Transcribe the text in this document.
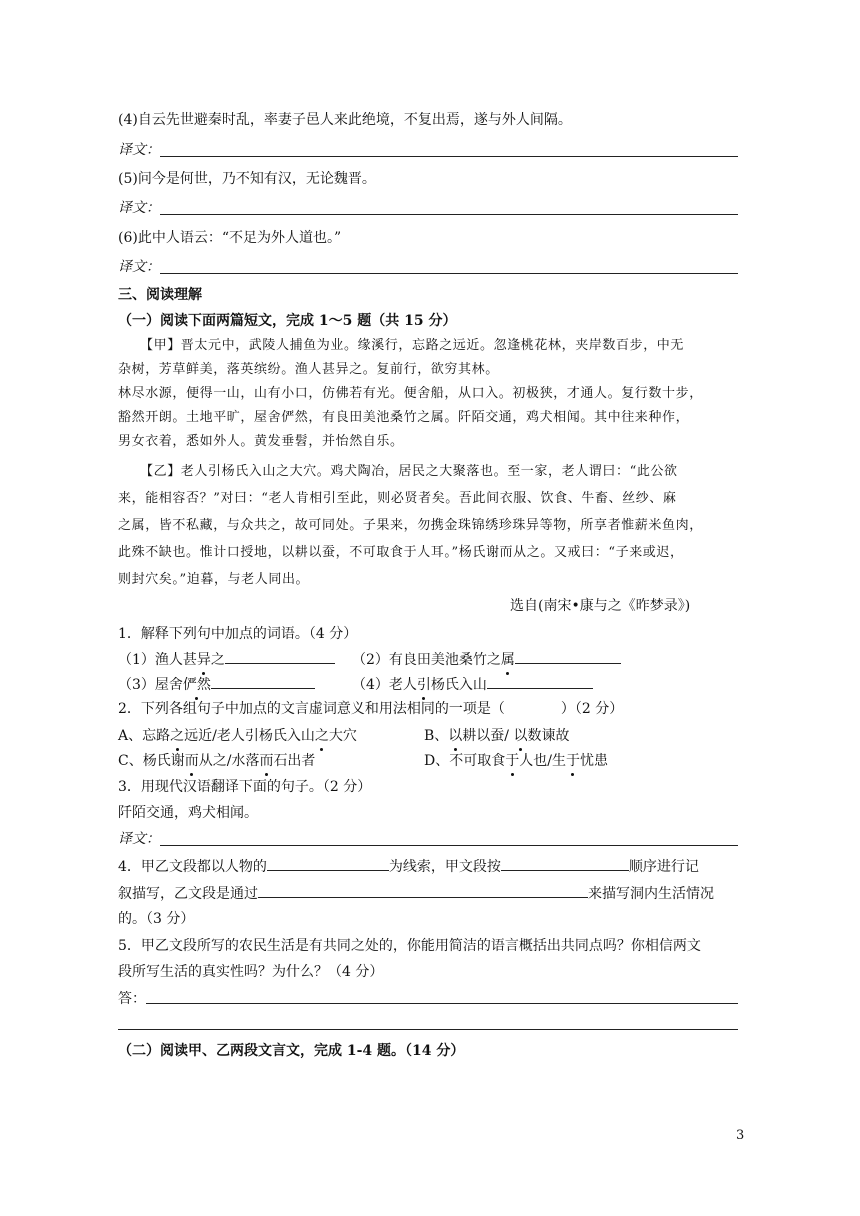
(4)自云先世避秦时乱，率妻子邑人来此绝境，不复出焉，遂与外人间隔。
译文：
(5)问今是何世，乃不知有汉，无论魏晋。
译文：
(6)此中人语云：“不足为外人道也。”
译文：
三、阅读理解
（一）阅读下面两篇短文，完成 1～5 题（共 15 分）
【甲】晋太元中，武陵人捕鱼为业。缘溪行，忘路之远近。忽逢桃花林，夹岸数百步，中无
杂树，芳草鲜美，落英缤纷。渔人甚异之。复前行，欲穷其林。
林尽水源，便得一山，山有小口，仿佛若有光。便舍船，从口入。初极狭，才通人。复行数十步，
豁然开朗。土地平旷，屋舍俨然，有良田美池桑竹之属。阡陌交通，鸡犬相闻。其中往来种作，
男女衣着，悉如外人。黄发垂髫，并怡然自乐。
【乙】老人引杨氏入山之大穴。鸡犬陶冶，居民之大聚落也。至一家，老人谓曰：“此公欲
来，能相容否？”对曰：“老人肯相引至此，则必贤者矣。吾此间衣服、饮食、牛畜、丝纱、麻
之属，皆不私藏，与众共之，故可同处。子果来，勿携金珠锦绣珍珠异等物，所享者惟薪米鱼肉，
此殊不缺也。惟计口授地，以耕以蚕，不可取食于人耳。”杨氏谢而从之。又戒曰：“子来或迟，
则封穴矣。”迫暮，与老人同出。
选自(南宋•康与之《昨梦录》)
1．解释下列句中加点的词语。（4 分）
（1）渔人甚异之	（2）有良田美池桑竹之属
（3）屋舍俨然	（4）老人引杨氏入山
2．下列各组句子中加点的文言虚词意义和用法相同的一项是（　　　　）（2 分）
A、忘路之远近/老人引杨氏入山之大穴	B、以耕以蚕/ 以数谏故
C、杨氏谢而从之/水落而石出者	D、不可取食于人也/生于忧患
3．用现代汉语翻译下面的句子。（2 分）
阡陌交通，鸡犬相闻。
译文：
4．甲乙文段都以人物的	为线索，甲文段按	顺序进行记
叙描写，乙文段是通过	来描写洞内生活情况
的。（3 分）
5．甲乙文段所写的农民生活是有共同之处的，你能用简洁的语言概括出共同点吗？你相信两文
段所写生活的真实性吗？为什么？（4 分）
答：
（二）阅读甲、乙两段文言文，完成 1-4 题。（14 分）
3
